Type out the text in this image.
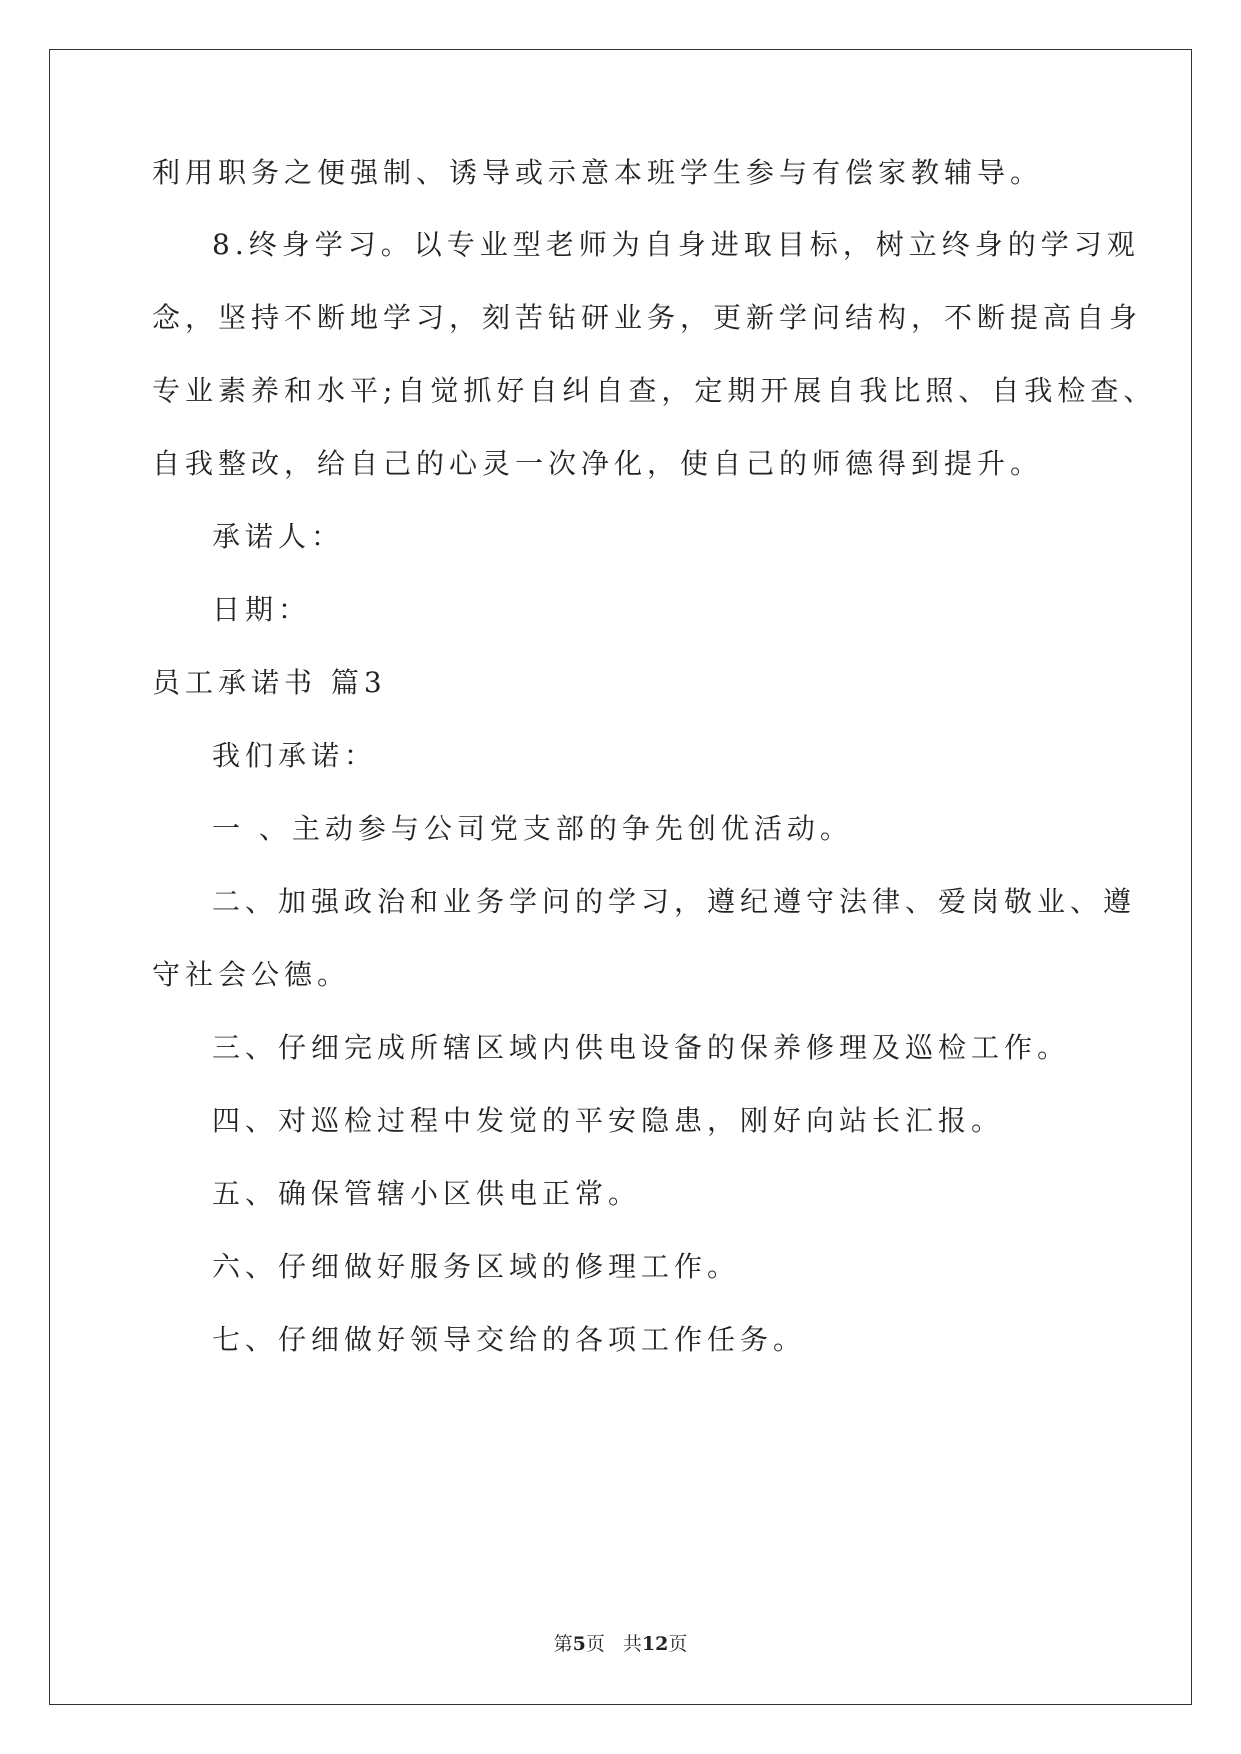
利用职务之便强制、诱导或示意本班学生参与有偿家教辅导。
8.终身学习。以专业型老师为自身进取目标，树立终身的学习观
念，坚持不断地学习，刻苦钻研业务，更新学问结构，不断提高自身
专业素养和水平;自觉抓好自纠自查，定期开展自我比照、自我检查、
自我整改，给自己的心灵一次净化，使自己的师德得到提升。
承诺人：
日期：
员工承诺书 篇3
我们承诺：
一 、主动参与公司党支部的争先创优活动。
二、加强政治和业务学问的学习，遵纪遵守法律、爱岗敬业、遵
守社会公德。
三、仔细完成所辖区域内供电设备的保养修理及巡检工作。
四、对巡检过程中发觉的平安隐患，刚好向站长汇报。
五、确保管辖小区供电正常。
六、仔细做好服务区域的修理工作。
七、仔细做好领导交给的各项工作任务。
第5页 共12页
